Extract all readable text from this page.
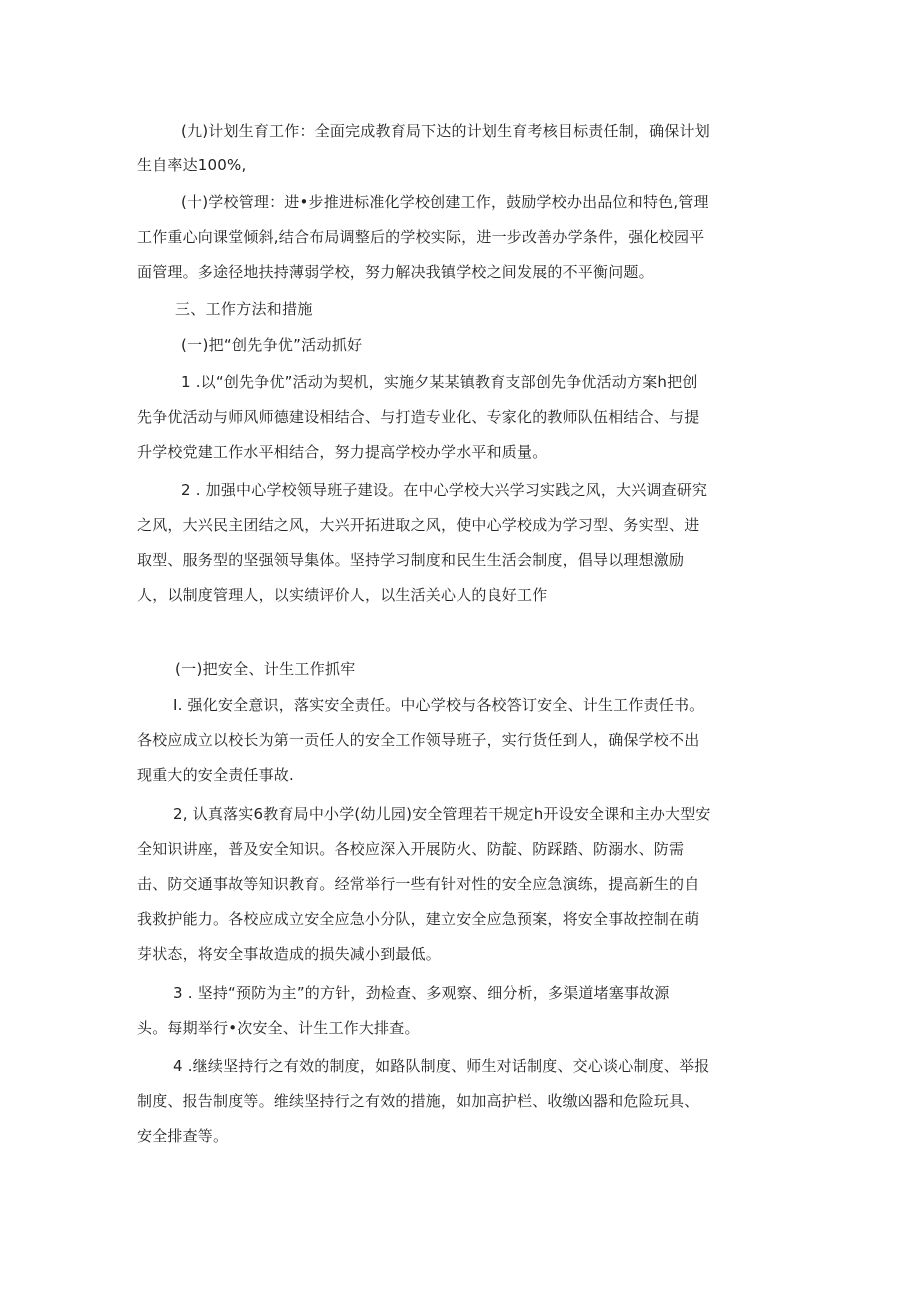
(九)计划生育工作：全面完成教育局下达的计划生育考核目标责任制，确保计划
生自率达100%,
(十)学校管理：进•步推进标准化学校创建工作，鼓励学校办出品位和特色,管理
工作重心向课堂倾斜,结合布局调整后的学校实际，进一步改善办学条件，强化校园平
面管理。多途径地扶持薄弱学校，努力解决我镇学校之间发展的不平衡问题。
三、工作方法和措施
(一)把“创先争优”活动抓好
1 .以“创先争优”活动为契机，实施夕某某镇教育支部创先争优活动方案h把创
先争优活动与师风师德建设相结合、与打造专业化、专家化的教师队伍相结合、与提
升学校党建工作水平相结合，努力提高学校办学水平和质量。
2 . 加强中心学校领导班子建设。在中心学校大兴学习实践之风，大兴调查研究
之风，大兴民主团结之风，大兴开拓进取之风，使中心学校成为学习型、务实型、进
取型、服务型的坚强领导集体。坚持学习制度和民生生活会制度，倡导以理想激励
人，以制度管理人，以实绩评价人，以生活关心人的良好工作
(一)把安全、计生工作抓牢
I. 强化安全意识，落实安全责任。中心学校与各校答订安全、计生工作责任书。
各校应成立以校长为第一贡任人的安全工作领导班子，实行货任到人，确保学校不出
现重大的安全责任事故.
2, 认真落实6教育局中小学(幼儿园)安全管理若干规定h开设安全课和主办大型安
全知识讲座，普及安全知识。各校应深入开展防火、防靛、防踩踏、防溺水、防需
击、防交通事故等知识教育。经常举行一些有针对性的安全应急演练，提高新生的自
我救护能力。各校应成立安全应急小分队，建立安全应急预案，将安全事故控制在萌
芽状态，将安全事故造成的损失减小到最低。
3 . 坚持“预防为主”的方针，劲检查、多观察、细分析，多渠道堵塞事故源
头。每期举行•次安全、计生工作大排查。
4 .继续坚持行之有效的制度，如路队制度、师生对话制度、交心谈心制度、举报
制度、报告制度等。维续坚持行之有效的措施，如加高护栏、收缴凶器和危险玩具、
安全排查等。
